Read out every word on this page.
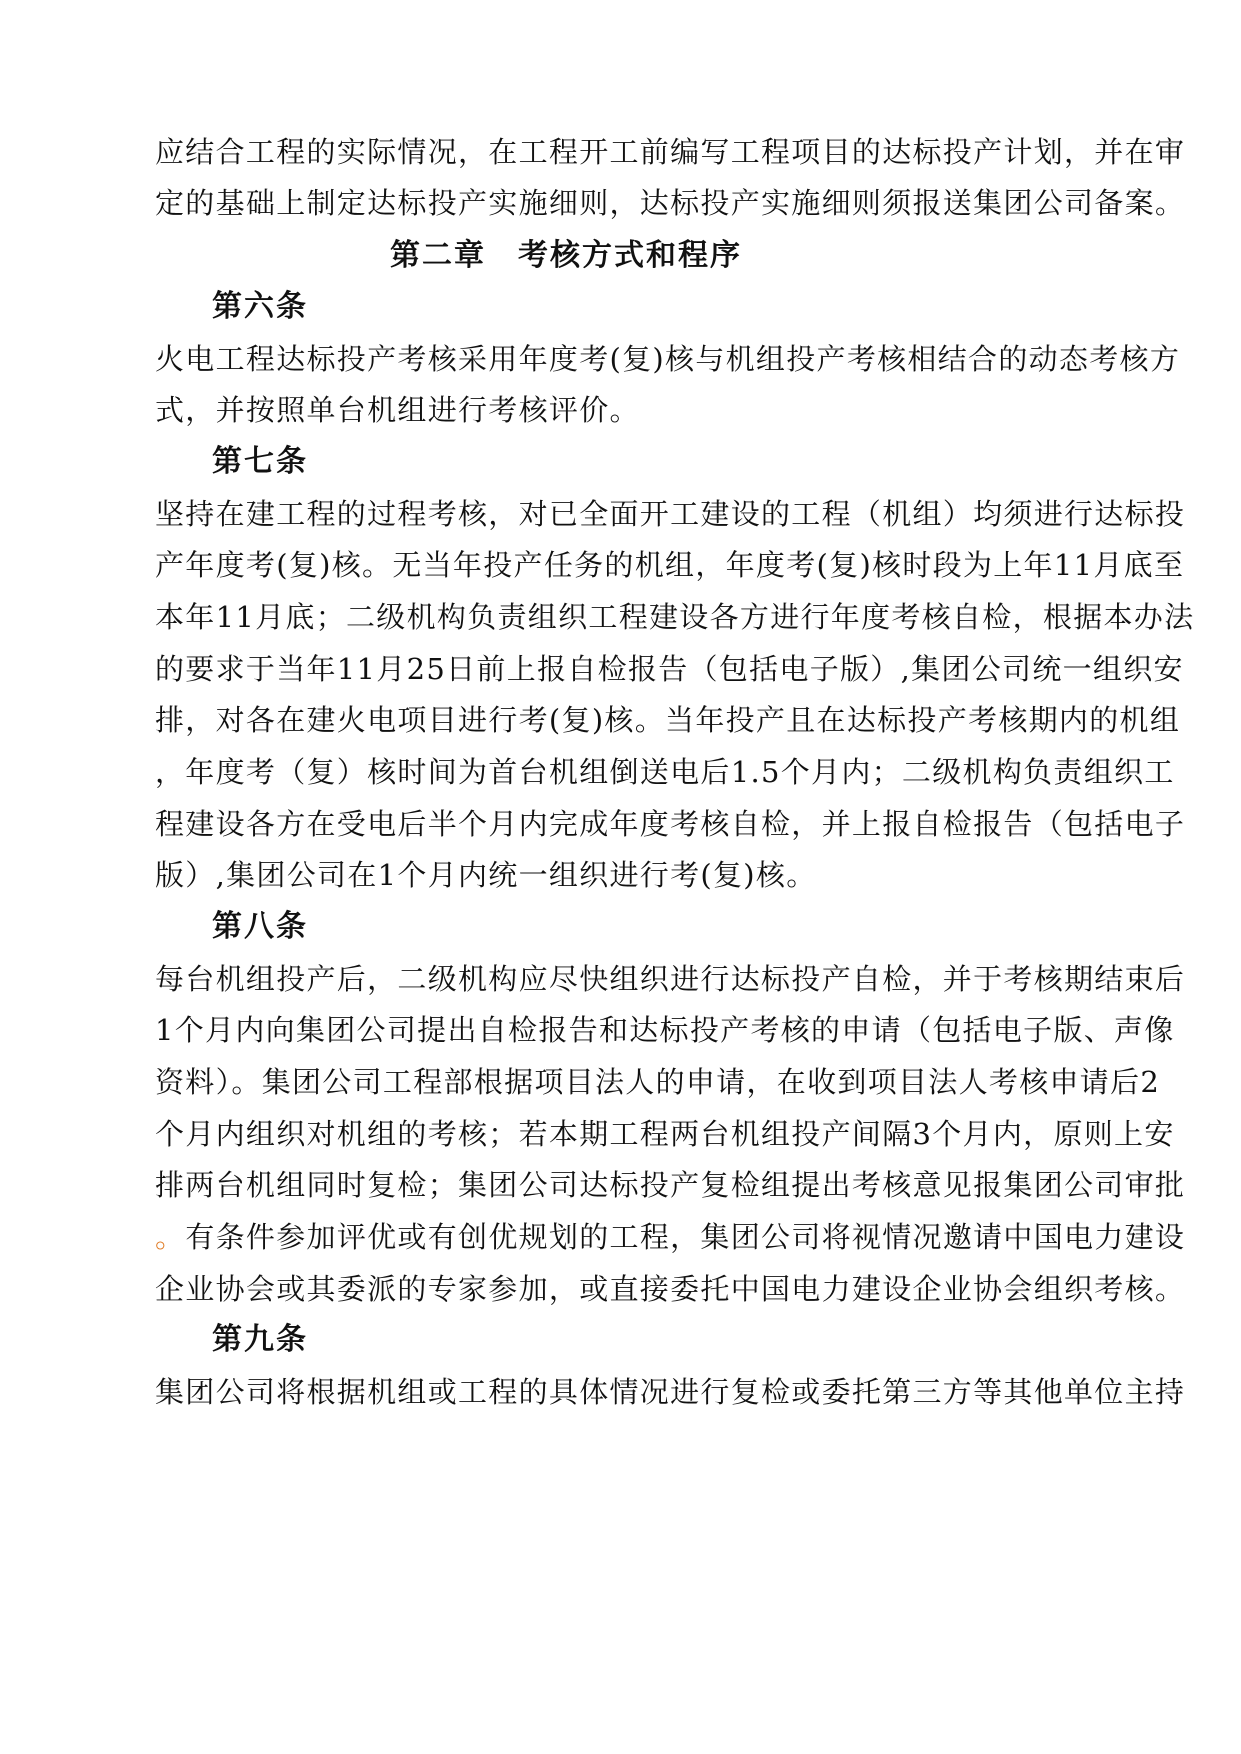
应结合工程的实际情况，在工程开工前编写工程项目的达标投产计划，并在审
定的基础上制定达标投产实施细则，达标投产实施细则须报送集团公司备案。
第二章　考核方式和程序
第六条
火电工程达标投产考核采用年度考(复)核与机组投产考核相结合的动态考核方
式，并按照单台机组进行考核评价。
第七条
坚持在建工程的过程考核，对已全面开工建设的工程（机组）均须进行达标投
产年度考(复)核。无当年投产任务的机组，年度考(复)核时段为上年11月底至
本年11月底；二级机构负责组织工程建设各方进行年度考核自检，根据本办法
的要求于当年11月25日前上报自检报告（包括电子版）,集团公司统一组织安
排，对各在建火电项目进行考(复)核。当年投产且在达标投产考核期内的机组
，年度考（复）核时间为首台机组倒送电后1.5个月内；二级机构负责组织工
程建设各方在受电后半个月内完成年度考核自检，并上报自检报告（包括电子
版）,集团公司在1个月内统一组织进行考(复)核。
第八条
每台机组投产后，二级机构应尽快组织进行达标投产自检，并于考核期结束后
1个月内向集团公司提出自检报告和达标投产考核的申请（包括电子版、声像
资料）。集团公司工程部根据项目法人的申请，在收到项目法人考核申请后2
个月内组织对机组的考核；若本期工程两台机组投产间隔3个月内，原则上安
排两台机组同时复检；集团公司达标投产复检组提出考核意见报集团公司审批
。有条件参加评优或有创优规划的工程，集团公司将视情况邀请中国电力建设
企业协会或其委派的专家参加，或直接委托中国电力建设企业协会组织考核。
第九条
集团公司将根据机组或工程的具体情况进行复检或委托第三方等其他单位主持
